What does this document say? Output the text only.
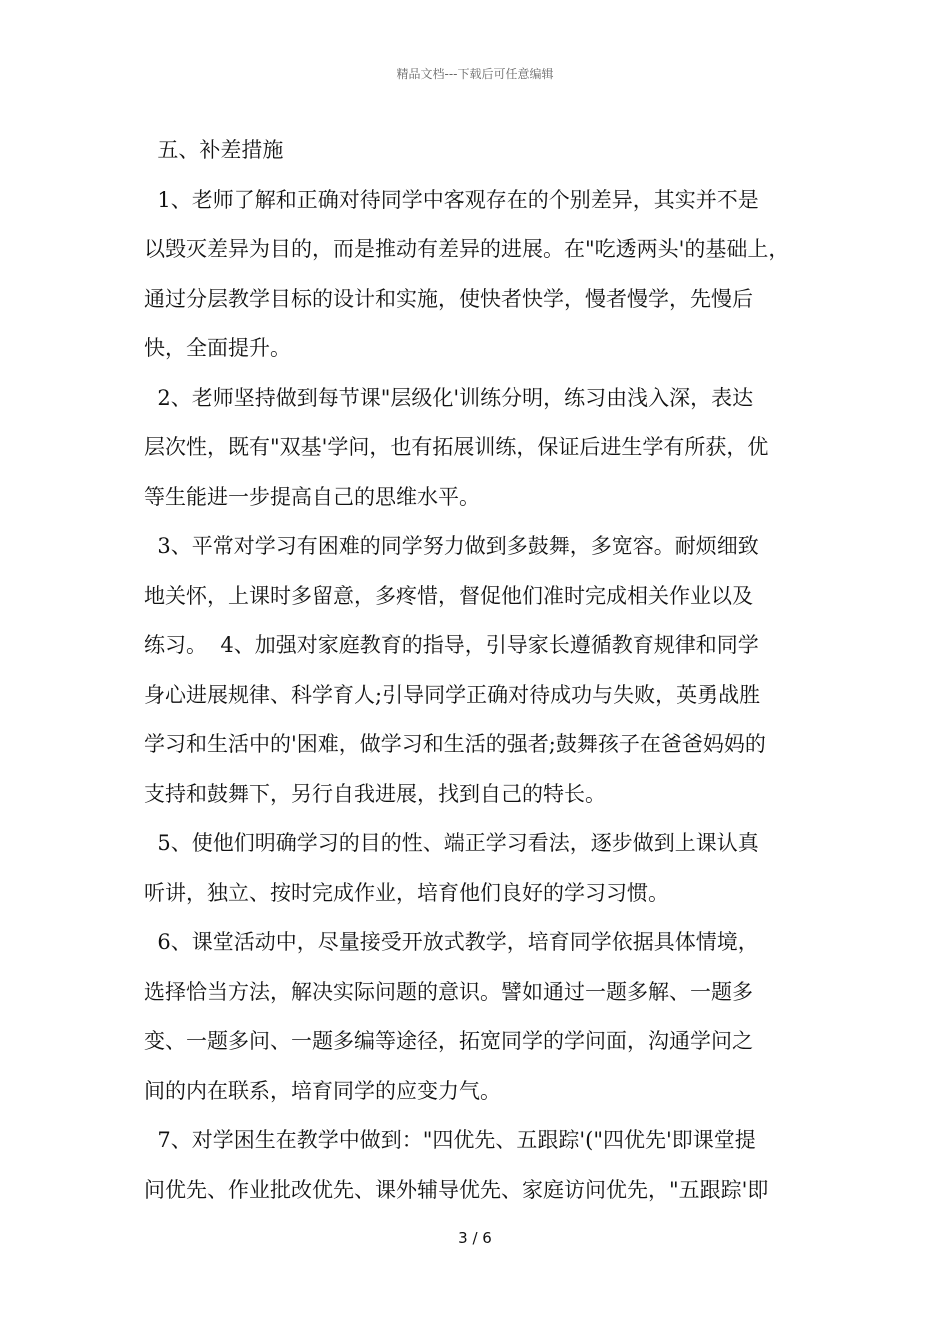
精品文档---下载后可任意编辑
五、补差措施
1、老师了解和正确对待同学中客观存在的个别差异，其实并不是
以毁灭差异为目的，而是推动有差异的进展。在"吃透两头'的基础上，
通过分层教学目标的设计和实施，使快者快学，慢者慢学，先慢后
快，全面提升。
2、老师坚持做到每节课"层级化'训练分明，练习由浅入深，表达
层次性，既有"双基'学问，也有拓展训练，保证后进生学有所获，优
等生能进一步提高自己的思维水平。
3、平常对学习有困难的同学努力做到多鼓舞，多宽容。耐烦细致
地关怀，上课时多留意，多疼惜，督促他们准时完成相关作业以及
练习。  4、加强对家庭教育的指导，引导家长遵循教育规律和同学
身心进展规律、科学育人;引导同学正确对待成功与失败，英勇战胜
学习和生活中的'困难，做学习和生活的强者;鼓舞孩子在爸爸妈妈的
支持和鼓舞下，另行自我进展，找到自己的特长。
5、使他们明确学习的目的性、端正学习看法，逐步做到上课认真
听讲，独立、按时完成作业，培育他们良好的学习习惯。
6、课堂活动中，尽量接受开放式教学，培育同学依据具体情境，
选择恰当方法，解决实际问题的意识。譬如通过一题多解、一题多
变、一题多问、一题多编等途径，拓宽同学的学问面，沟通学问之
间的内在联系，培育同学的应变力气。
7、对学困生在教学中做到："四优先、五跟踪'("四优先'即课堂提
问优先、作业批改优先、课外辅导优先、家庭访问优先，"五跟踪'即
3 / 6
